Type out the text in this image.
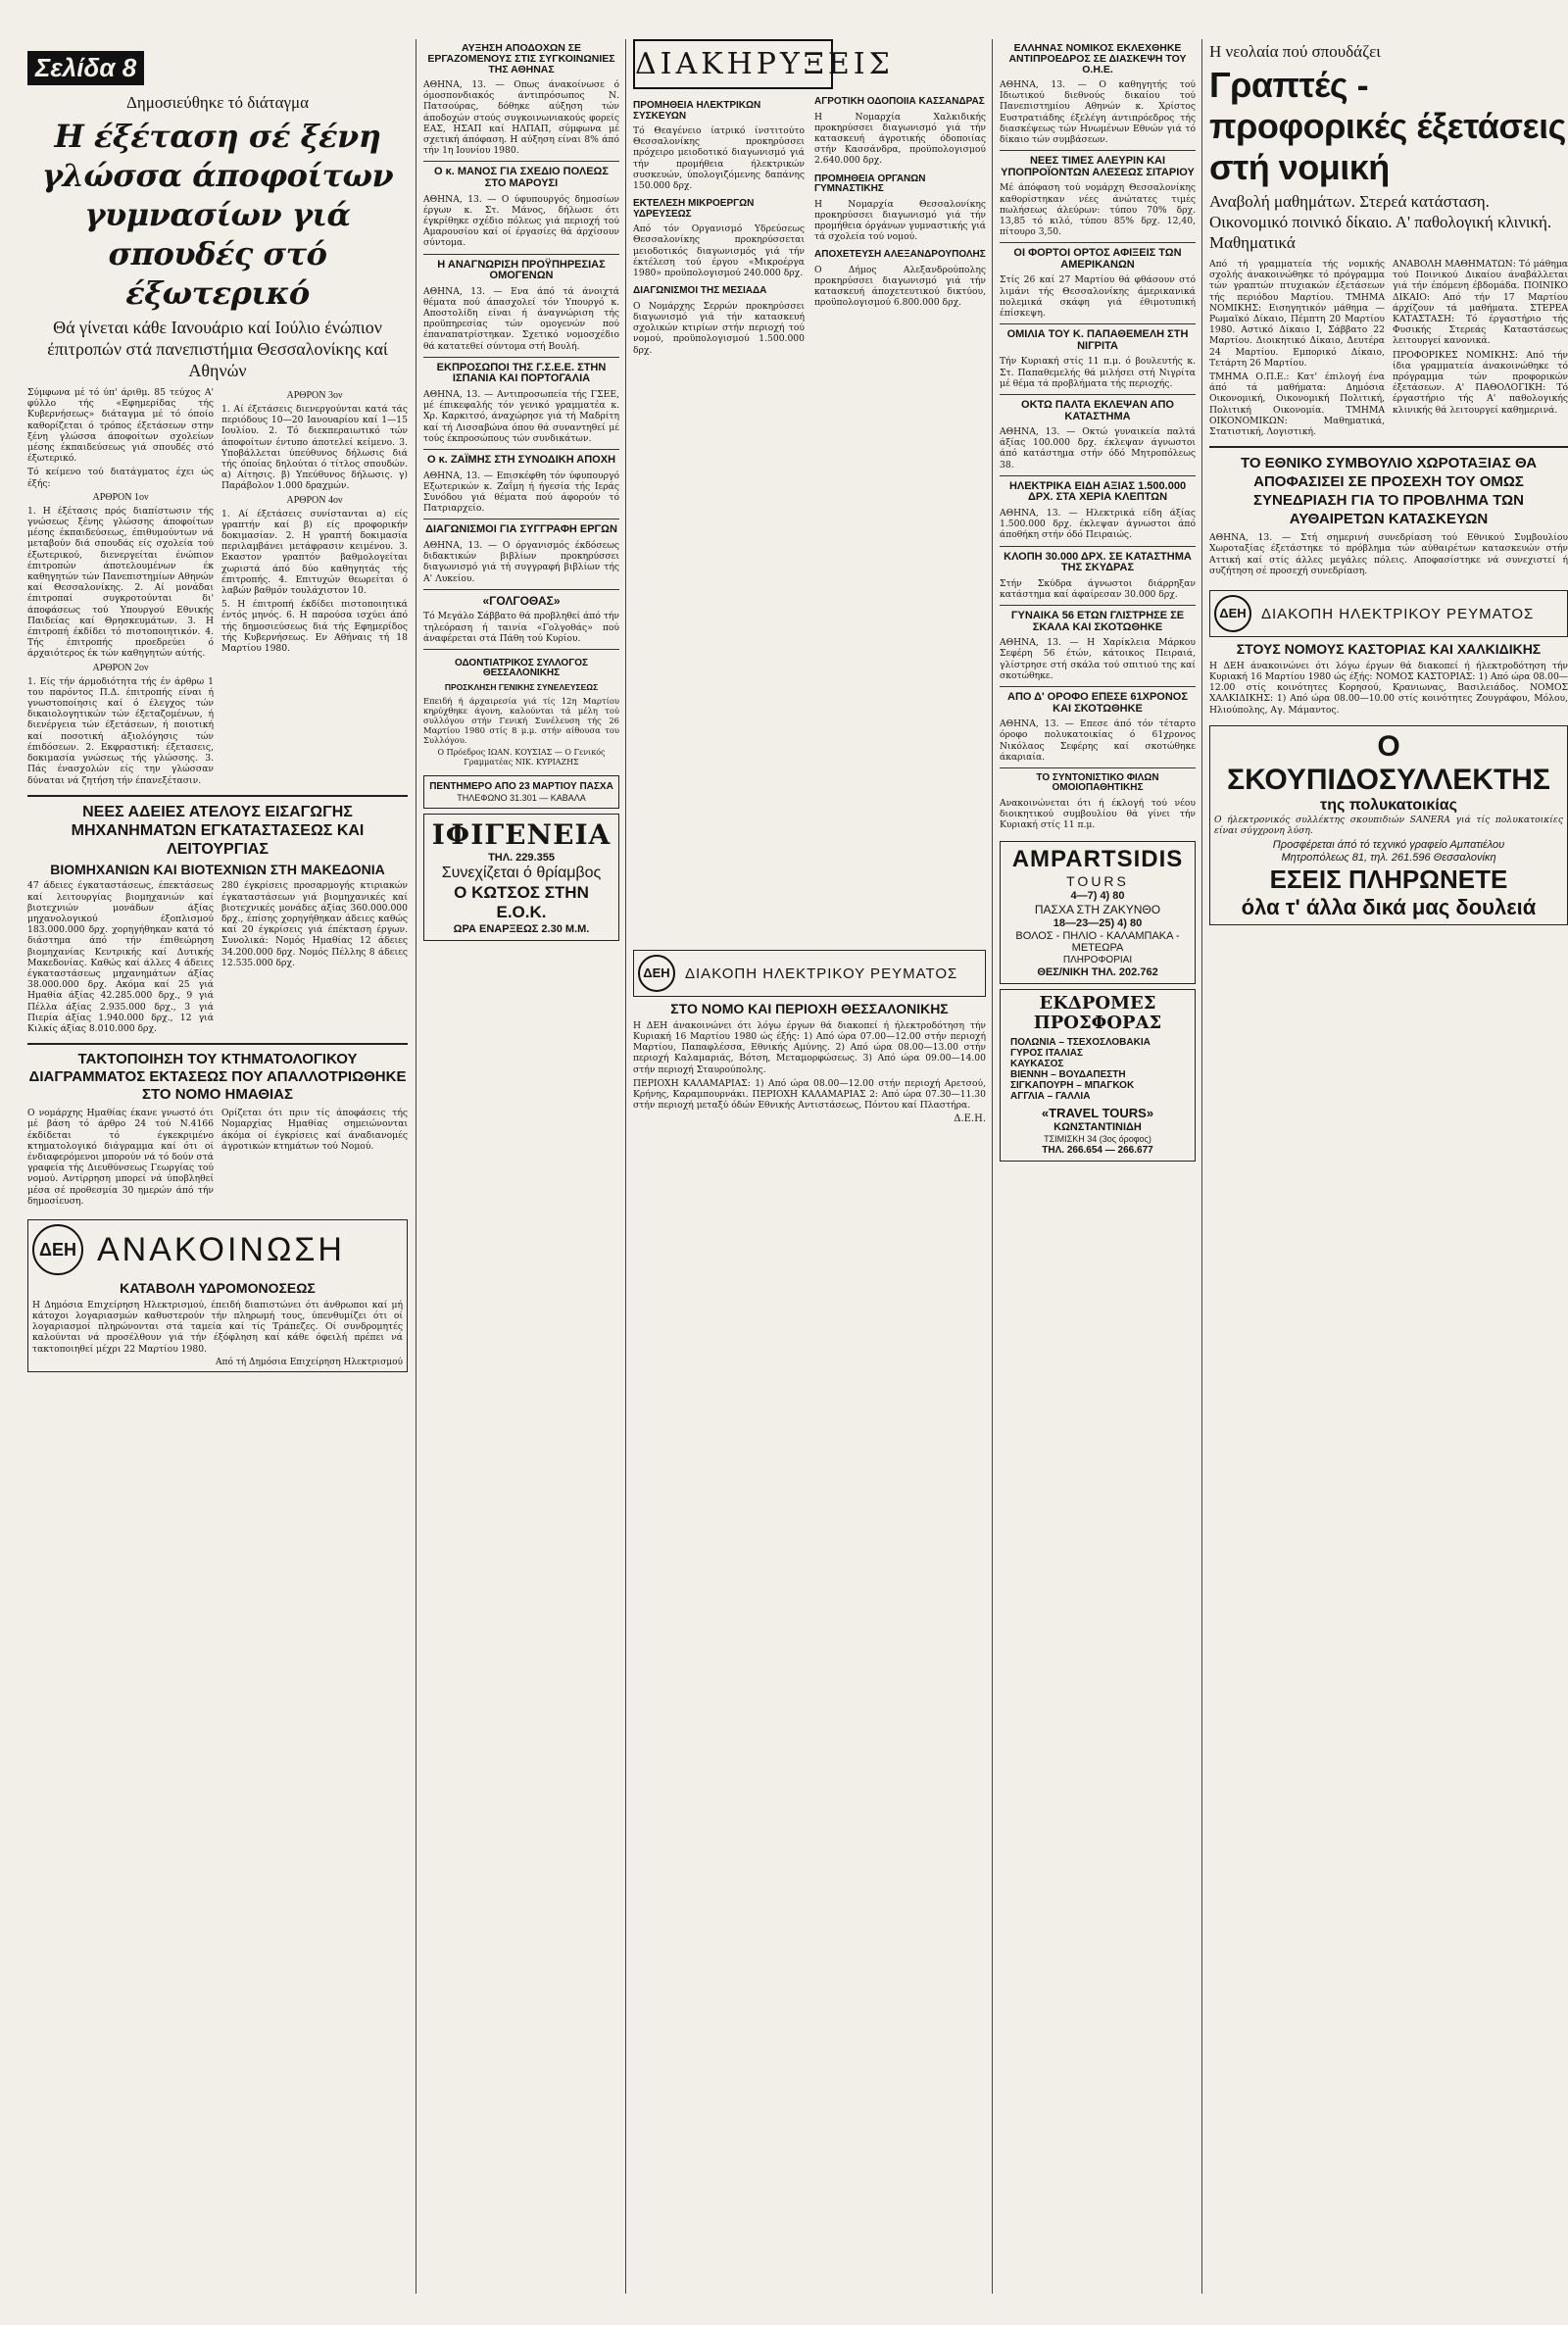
Σελίδα 8
Δημοσιεύθηκε τό διάταγμα
Η έξέταση σέ ξένη γλώσσα άποφοίτων γυμνασίων γιά σπουδές στό έξωτερικό
Θά γίνεται κάθε Ιανουάριο καί Ιούλιο ένώπιον έπιτροπών στά πανεπιστήμια Θεσσαλονίκης καί Αθηνών

Σύμφωνα μέ τό ύπ' άριθμ. 85 τεύχος Α' φύλλο τής «Εφημερίδας τής Κυβερνήσεως» διάταγμα μέ τό όποίο καθορίζεται ό τρόπος έξετάσεων στην ξένη γλώσσα άποφοίτων σχολείων μέσης έκπαιδεύσεως γιά σπουδές στό έξωτερικό.

Τό κείμενο τού διατάγματος έχει ώς έξής:

ΑΡΘΡΟΝ 1ον

1. Η έξέτασις πρός διαπίστωσιν τής γνώσεως ξένης γλώσσης άποφοίτων μέσης έκπαιδεύσεως, έπιθυμούντων νά μεταβούν διά σπουδάς είς σχολεία τού έξωτερικού, διενεργείται ένώπιον έπιτροπών άποτελουμένων έκ καθηγητών τών Πανεπιστημίων Αθηνών καί Θεσσαλονίκης. 2. Αί μονάδαι έπιτροπαί συγκροτούνται δι' άποφάσεως τού Υπουργού Εθνικής Παιδείας καί Θρησκευμάτων. 3. Η έπιτροπή έκδίδει τό πιστοποιητικόν. 4. Τής έπιτροπής προεδρεύει ό άρχαιότερος έκ τών καθηγητών αύτής.

ΑΡΘΡΟΝ 2ον

1. Είς τήν άρμοδιότητα τής έν άρθρω 1 του παρόντος Π.Δ. έπιτροπής είναι ή γνωστοποίησις καί ό έλεγχος τών δικαιολογητικών τών έξεταζομένων, ή διενέργεια τών έξετάσεων, ή ποιοτική καί ποσοτική άξιολόγησις τών έπιδόσεων. 2. Εκφραστική: έξετασεις, δοκιμασία γνώσεως τής γλώσσης. 3. Πάς ένασχολών είς την γλώσσαν δύναται νά ζητήση τήν έπανεξέτασιν.

ΑΡΘΡΟΝ 3ον

1. Αί έξετάσεις διενεργούνται κατά τάς περιόδους 10—20 Ιανουαρίου καί 1—15 Ιουλίου. 2. Τό διεκπεραιωτικό τών άποφοίτων έντυπο άποτελεί κείμενο. 3. Υποβάλλεται ύπεύθυνος δήλωσις διά τής όποίας δηλούται ό τίτλος σπουδών. α) Αίτησις. β) Υπεύθυνος δήλωσις. γ) Παράβολον 1.000 δραχμών.

ΑΡΘΡΟΝ 4ον

1. Αί έξετάσεις συνίστανται α) είς γραπτήν καί β) είς προφορικήν δοκιμασίαν. 2. Η γραπτή δοκιμασία περιλαμβάνει μετάφρασιν κειμένου. 3. Εκαστον γραπτόν βαθμολογείται χωριστά άπό δύο καθηγητάς τής έπιτροπής. 4. Επιτυχών θεωρείται ό λαβών βαθμόν τουλάχιστον 10.

5. Η έπιτροπή έκδίδει πιστοποιητικά έντός μηνός. 6. Η παρούσα ισχύει άπό τής δημοσιεύσεως διά τής Εφημερίδος τής Κυβερνήσεως. Εν Αθήναις τή 18 Μαρτίου 1980.

ΝΕΕΣ ΑΔΕΙΕΣ ΑΤΕΛΟΥΣ ΕΙΣΑΓΩΓΗΣ ΜΗΧΑΝΗΜΑΤΩΝ ΕΓΚΑΤΑΣΤΑΣΕΩΣ ΚΑΙ ΛΕΙΤΟΥΡΓΙΑΣ
ΒΙΟΜΗΧΑΝΙΩΝ ΚΑΙ ΒΙΟΤΕΧΝΙΩΝ ΣΤΗ ΜΑΚΕΔΟΝΙΑ

47 άδειες έγκαταστάσεως, έπεκτάσεως καί λειτουργίας βιομηχανιών καί βιοτεχνιών μονάδων άξίας μηχανολογικού έξοπλισμού 183.000.000 δρχ. χορηγήθηκαν κατά τό διάστημα άπό τήν έπιθεώρηση βιομηχανίας Κεντρικής καί Δυτικής Μακεδονίας. Καθώς καί άλλες 4 άδειες έγκαταστάσεως μηχανημάτων άξίας 38.000.000 δρχ. Ακόμα καί 25 γιά Ημαθία άξίας 42.285.000 δρχ., 9 γιά Πέλλα άξίας 2.935.000 δρχ., 3 γιά Πιερία άξίας 1.940.000 δρχ., 12 γιά Κιλκίς άξίας 8.010.000 δρχ.

280 έγκρίσεις προσαρμογής κτιριακών έγκαταστάσεων γιά βιομηχανικές καί βιοτεχνικές μονάδες άξίας 360.000.000 δρχ., έπίσης χορηγήθηκαν άδειες καθώς καί 20 έγκρίσεις γιά έπέκταση έργων. Συνολικά: Νομός Ημαθίας 12 άδειες 34.200.000 δρχ. Νομός Πέλλης 8 άδειες 12.535.000 δρχ.

ΤΑΚΤΟΠΟΙΗΣΗ ΤΟΥ ΚΤΗΜΑΤΟΛΟΓΙΚΟΥ ΔΙΑΓΡΑΜΜΑΤΟΣ ΕΚΤΑΣΕΩΣ ΠΟΥ ΑΠΑΛΛΟΤΡΙΩΘΗΚΕ ΣΤΟ ΝΟΜΟ ΗΜΑΘΙΑΣ

Ο νομάρχης Ημαθίας έκανε γνωστό ότι μέ βάση τό άρθρο 24 τού Ν.4166 έκδίδεται τό έγκεκριμένο κτηματολογικό διάγραμμα καί ότι οί ένδιαφερόμενοι μπορούν νά τό δούν στά γραφεία τής Διευθύνσεως Γεωργίας τού νομού. Αντίρρηση μπορεί νά ύποβληθεί μέσα σέ προθεσμία 30 ημερών άπό τήν δημοσίευση.

Ορίζεται ότι πριν τίς άποφάσεις τής Νομαρχίας Ημαθίας σημειώνονται άκόμα οί έγκρίσεις καί άναδιανομές άγροτικών κτημάτων τού Νομού.

ΔΕΗ ΑΝΑΚΟΙΝΩΣΗ
ΚΑΤΑΒΟΛΗ ΥΔΡΟΜΟΝΟΣΕΩΣ

Η Δημόσια Επιχείρηση Ηλεκτρισμού, έπειδή διαπιστώνει ότι άνθρωποι καί μή κάτοχοι λογαριασμών καθυστερούν τήν πληρωμή τους, ύπενθυμίζει ότι οί λογαριασμοί πληρώνονται στά ταμεία καί τίς Τράπεζες. Οί συνδρομητές καλούνται νά προσέλθουν γιά τήν έξόφληση καί κάθε όφειλή πρέπει νά τακτοποιηθεί μέχρι 22 Μαρτίου 1980.

Από τή Δημόσια Επιχείρηση Ηλεκτρισμού
ΑΥΞΗΣΗ ΑΠΟΔΟΧΩΝ ΣΕ ΕΡΓΑΖΟΜΕΝΟΥΣ ΣΤΙΣ ΣΥΓΚΟΙΝΩΝΙΕΣ ΤΗΣ ΑΘΗΝΑΣ

ΑΘΗΝΑ, 13. — Οπως άνακοίνωσε ό όμοσπονδιακός άντιπρόσωπος Ν. Πατσούρας, δόθηκε αύξηση τών άποδοχών στούς συγκοινωνιακούς φορείς ΕΑΣ, ΗΣΑΠ καί ΗΛΠΑΠ, σύμφωνα μέ σχετική άπόφαση. Η αύξηση είναι 8% άπό τήν 1η Ιουνίου 1980.

Ο κ. ΜΑΝΟΣ ΓΙΑ ΣΧΕΔΙΟ ΠΟΛΕΩΣ ΣΤΟ ΜΑΡΟΥΣΙ

ΑΘΗΝΑ, 13. — Ο ύφυπουργός δημοσίων έργων κ. Στ. Μάνος, δήλωσε ότι έγκρίθηκε σχέδιο πόλεως γιά περιοχή τού Αμαρουσίου καί οί έργασίες θά άρχίσουν σύντομα.

Η ΑΝΑΓΝΩΡΙΣΗ ΠΡΟΫΠΗΡΕΣΙΑΣ ΟΜΟΓΕΝΩΝ

ΑΘΗΝΑ, 13. — Ενα άπό τά άνοιχτά θέματα πού άπασχολεί τόν Υπουργό κ. Αποστολίδη είναι ή άναγνώριση τής προϋπηρεσίας τών ομογενών πού έπαναπατρίστηκαν. Σχετικό νομοσχέδιο θά κατατεθεί σύντομα στή Βουλή.

ΕΚΠΡΟΣΩΠΟΙ ΤΗΣ Γ.Σ.Ε.Ε. ΣΤΗΝ ΙΣΠΑΝΙΑ ΚΑΙ ΠΟΡΤΟΓΑΛΙΑ

ΑΘΗΝΑ, 13. — Αντιπροσωπεία τής ΓΣΕΕ, μέ έπικεφαλής τόν γενικό γραμματέα κ. Χρ. Καρκιτσό, άναχώρησε γιά τή Μαδρίτη καί τή Λισσαβώνα όπου θά συναντηθεί μέ τούς έκπροσώπους τών συνδικάτων.

Ο κ. ΖΑΪΜΗΣ ΣΤΗ ΣΥΝΟΔΙΚΗ ΑΠΟΧΗ

ΑΘΗΝΑ, 13. — Επισκέφθη τόν ύφυπουργό Εξωτερικών κ. Ζαΐμη ή ήγεσία τής Ιεράς Συνόδου γιά θέματα πού άφορούν τό Πατριαρχείο.

ΔΙΑΓΩΝΙΣΜΟΙ ΓΙΑ ΣΥΓΓΡΑΦΗ ΕΡΓΩΝ

ΑΘΗΝΑ, 13. — Ο όργανισμός έκδόσεως διδακτικών βιβλίων προκηρύσσει διαγωνισμό γιά τή συγγραφή βιβλίων τής Α' Λυκείου.

«ΓΟΛΓΟΘΑΣ»

Τό Μεγάλο Σάββατο θά προβληθεί άπό τήν τηλεόραση ή ταινία «Γολγοθάς» πού άναφέρεται στά Πάθη τού Κυρίου.

ΟΔΟΝΤΙΑΤΡΙΚΟΣ ΣΥΛΛΟΓΟΣ ΘΕΣΣΑΛΟΝΙΚΗΣ
ΠΡΟΣΚΛΗΣΗ ΓΕΝΙΚΗΣ ΣΥΝΕΛΕΥΣΕΩΣ

Επειδή ή άρχαιρεσία γιά τίς 12η Μαρτίου κηρύχθηκε άγονη, καλούνται τά μέλη τού συλλόγου στήν Γενική Συνέλευση τής 26 Μαρτίου 1980 στίς 8 μ.μ. στήν αίθουσα του Συλλόγου.

Ο Πρόεδρος ΙΩΑΝ. ΚΟΥΣΙΑΣ — Ο Γενικός Γραμματέας ΝΙΚ. ΚΥΡΙΑΖΗΣ

ΠΕΝΤΗΜΕΡΟ ΑΠΟ 23 ΜΑΡΤΙΟΥ ΠΑΣΧΑ
ΤΗΛΕΦΩΝΟ 31.301 — ΚΑΒΑΛΑ
ΙΦΙΓΕΝΕΙΑ
ΤΗΛ. 229.355
Συνεχίζεται ό θρίαμβος
Ο ΚΩΤΣΟΣ ΣΤΗΝ Ε.Ο.Κ.
ΩΡΑ ΕΝΑΡΞΕΩΣ 2.30 Μ.Μ.
ΔΙΑΚΗΡΥΞΕΙΣ
ΠΡΟΜΗΘΕΙΑ ΗΛΕΚΤΡΙΚΩΝ ΣΥΣΚΕΥΩΝ

Τό Θεαγένειο ίατρικό ίνστιτούτο Θεσσαλονίκης προκηρύσσει πρόχειρο μειοδοτικό διαγωνισμό γιά τήν προμήθεια ήλεκτρικών συσκευών, ύπολογιζόμενης δαπάνης 150.000 δρχ.

ΕΚΤΕΛΕΣΗ ΜΙΚΡΟΕΡΓΩΝ ΥΔΡΕΥΣΕΩΣ

Από τόν Οργανισμό Υδρεύσεως Θεσσαλονίκης προκηρύσσεται μειοδοτικός διαγωνισμός γιά τήν έκτέλεση τού έργου «Μικροέργα 1980» προϋπολογισμού 240.000 δρχ.

ΔΙΑΓΩΝΙΣΜΟΙ ΤΗΣ ΜΕΣΙΑΔΑ

Ο Νομάρχης Σερρών προκηρύσσει διαγωνισμό γιά τήν κατασκευή σχολικών κτιρίων στήν περιοχή τού νομού, προϋπολογισμού 1.500.000 δρχ.

ΑΓΡΟΤΙΚΗ ΟΔΟΠΟΙΙΑ ΚΑΣΣΑΝΔΡΑΣ

Η Νομαρχία Χαλκιδικής προκηρύσσει διαγωνισμό γιά τήν κατασκευή άγροτικής όδοποιίας στήν Κασσάνδρα, προϋπολογισμού 2.640.000 δρχ.

ΠΡΟΜΗΘΕΙΑ ΟΡΓΑΝΩΝ ΓΥΜΝΑΣΤΙΚΗΣ

Η Νομαρχία Θεσσαλονίκης προκηρύσσει διαγωνισμό γιά τήν προμήθεια όργάνων γυμναστικής γιά τά σχολεία τού νομού.

ΑΠΟΧΕΤΕΥΣΗ ΑΛΕΞΑΝΔΡΟΥΠΟΛΗΣ

Ο Δήμος Αλεξανδρούπολης προκηρύσσει διαγωνισμό γιά τήν κατασκευή άποχετευτικού δικτύου, προϋπολογισμού 6.800.000 δρχ.

ΔΕΗ	ΔΙΑΚΟΠΗ ΗΛΕΚΤΡΙΚΟΥ ΡΕΥΜΑΤΟΣ
ΣΤΟ ΝΟΜΟ ΚΑΙ ΠΕΡΙΟΧΗ ΘΕΣΣΑΛΟΝΙΚΗΣ

Η ΔΕΗ άνακοινώνει ότι λόγω έργων θά διακοπεί ή ήλεκτροδότηση τήν Κυριακή 16 Μαρτίου 1980 ώς έξής: 1) Από ώρα 07.00—12.00 στήν περιοχή Μαρτίου, Παπαφλέσσα, Εθνικής Αμύνης. 2) Από ώρα 08.00—13.00 στήν περιοχή Καλαμαριάς, Βότση, Μεταμορφώσεως. 3) Από ώρα 09.00—14.00 στήν περιοχή Σταυρούπολης.

ΠΕΡΙΟΧΗ ΚΑΛΑΜΑΡΙΑΣ: 1) Από ώρα 08.00—12.00 στήν περιοχή Αρετσού, Κρήνης, Καραμπουρνάκι. ΠΕΡΙΟΧΗ ΚΑΛΑΜΑΡΙΑΣ 2: Από ώρα 07.30—11.30 στήν περιοχή μεταξύ όδών Εθνικής Αντιστάσεως, Πόντου καί Πλαστήρα.

Δ.Ε.Η.
ΕΛΛΗΝΑΣ ΝΟΜΙΚΟΣ ΕΚΛΕΧΘΗΚΕ ΑΝΤΙΠΡΟΕΔΡΟΣ ΣΕ ΔΙΑΣΚΕΨΗ ΤΟΥ Ο.Η.Ε.

ΑΘΗΝΑ, 13. — Ο καθηγητής τού Ιδιωτικού διεθνούς δικαίου τού Πανεπιστημίου Αθηνών κ. Χρίστος Ευστρατιάδης έξελέγη άντιπρόεδρος τής διασκέψεως τών Ηνωμένων Εθνών γιά τό δίκαιο τών συμβάσεων.

ΝΕΕΣ ΤΙΜΕΣ ΑΛΕΥΡΙΝ ΚΑΙ ΥΠΟΠΡΟΪΟΝΤΩΝ ΑΛΕΣΕΩΣ ΣΙΤΑΡΙΟΥ

Μέ άπόφαση τού νομάρχη Θεσσαλονίκης καθορίστηκαν νέες άνώτατες τιμές πωλήσεως άλεύρων: τύπου 70% δρχ. 13,85 τό κιλό, τύπου 85% δρχ. 12,40, πίτουρο 3,50.

ΟΙ ΦΟΡΤΟΙ ΟΡΤΟΣ ΑΦΙΞΕΙΣ ΤΩΝ ΑΜΕΡΙΚΑΝΩΝ

Στίς 26 καί 27 Μαρτίου θά φθάσουν στό λιμάνι τής Θεσσαλονίκης άμερικανικά πολεμικά σκάφη γιά έθιμοτυπική έπίσκεψη.

ΟΜΙΛΙΑ ΤΟΥ Κ. ΠΑΠΑΘΕΜΕΛΗ ΣΤΗ ΝΙΓΡΙΤΑ

Τήν Κυριακή στίς 11 π.μ. ό βουλευτής κ. Στ. Παπαθεμελής θά μιλήσει στή Νιγρίτα μέ θέμα τά προβλήματα τής περιοχής.

ΟΚΤΩ ΠΑΛΤΑ ΕΚΛΕΨΑΝ ΑΠΟ ΚΑΤΑΣΤΗΜΑ

ΑΘΗΝΑ, 13. — Οκτώ γυναικεία παλτά άξίας 100.000 δρχ. έκλεψαν άγνωστοι άπό κατάστημα στήν όδό Μητροπόλεως 38.

ΗΛΕΚΤΡΙΚΑ ΕΙΔΗ ΑΞΙΑΣ 1.500.000 ΔΡΧ. ΣΤΑ ΧΕΡΙΑ ΚΛΕΠΤΩΝ

ΑΘΗΝΑ, 13. — Ηλεκτρικά είδη άξίας 1.500.000 δρχ. έκλεψαν άγνωστοι άπό άποθήκη στήν όδό Πειραιώς.

ΚΛΟΠΗ 30.000 ΔΡΧ. ΣΕ ΚΑΤΑΣΤΗΜΑ ΤΗΣ ΣΚΥΔΡΑΣ

Στήν Σκύδρα άγνωστοι διάρρηξαν κατάστημα καί άφαίρεσαν 30.000 δρχ.

ΓΥΝΑΙΚΑ 56 ΕΤΩΝ ΓΛΙΣΤΡΗΣΕ ΣΕ ΣΚΑΛΑ ΚΑΙ ΣΚΟΤΩΘΗΚΕ

ΑΘΗΝΑ, 13. — Η Χαρίκλεια Μάρκου Σεφέρη 56 έτών, κάτοικος Πειραιά, γλίστρησε στή σκάλα τού σπιτιού της καί σκοτώθηκε.

ΑΠΟ Δ' ΟΡΟΦΟ ΕΠΕΣΕ 61ΧΡΟΝΟΣ ΚΑΙ ΣΚΟΤΩΘΗΚΕ

ΑΘΗΝΑ, 13. — Επεσε άπό τόν τέταρτο όροφο πολυκατοικίας ό 61χρονος Νικόλαος Σεφέρης καί σκοτώθηκε άκαριαία.

ΤΟ ΣΥΝΤΟΝΙΣΤΙΚΟ ΦΙΛΩΝ ΟΜΟΙΟΠΑΘΗΤΙΚΗΣ

Ανακοινώνεται ότι ή έκλογή τού νέου διοικητικού συμβουλίου θά γίνει τήν Κυριακή στίς 11 π.μ.

AMPARTSIDIS
TOURS
4—7) 4) 80
ΠΑΣΧΑ ΣΤΗ ΖΑΚΥΝΘΟ
18—23—25) 4) 80
ΒΟΛΟΣ - ΠΗΛΙΟ - ΚΑΛΑΜΠΑΚΑ - ΜΕΤΕΩΡΑ
ΠΛΗΡΟΦΟΡΙΑΙ
ΘΕΣ/ΝΙΚΗ ΤΗΛ. 202.762
ΕΚΔΡΟΜΕΣ ΠΡΟΣΦΟΡΑΣ
ΠΟΛΩΝΙΑ – ΤΣΕΧΟΣΛΟΒΑΚΙΑ
ΓΥΡΟΣ ΙΤΑΛΙΑΣ
ΚΑΥΚΑΣΟΣ
ΒΙΕΝΝΗ – ΒΟΥΔΑΠΕΣΤΗ
ΣΙΓΚΑΠΟΥΡΗ – ΜΠΑΓΚΟΚ
ΑΓΓΛΙΑ – ΓΑΛΛΙΑ
«TRAVEL TOURS»
ΚΩΝΣΤΑΝΤΙΝΙΔΗ
ΤΣΙΜΙΣΚΗ 34 (3ος όροφος)
ΤΗΛ. 266.654 — 266.677
Η νεολαία πού σπουδάζει
Γραπτές - προφορικές έξετάσεις στή νομική
Αναβολή μαθημάτων. Στερεά κατάσταση. Οικονομικό ποινικό δίκαιο. Α' παθολογική κλινική. Μαθηματικά

Από τή γραμματεία τής νομικής σχολής άνακοινώθηκε τό πρόγραμμα τών γραπτών πτυχιακών έξετάσεων τής περιόδου Μαρτίου. ΤΜΗΜΑ ΝΟΜΙΚΗΣ: Εισηγητικόν μάθημα — Ρωμαϊκό Δίκαιο, Πέμπτη 20 Μαρτίου 1980. Αστικό Δίκαιο Ι, Σάββατο 22 Μαρτίου. Διοικητικό Δίκαιο, Δευτέρα 24 Μαρτίου. Εμπορικό Δίκαιο, Τετάρτη 26 Μαρτίου.

ΤΜΗΜΑ Ο.Π.Ε.: Κατ' έπιλογή ένα άπό τά μαθήματα: Δημόσια Οικονομική, Οικονομική Πολιτική, Πολιτική Οικονομία. ΤΜΗΜΑ ΟΙΚΟΝΟΜΙΚΩΝ: Μαθηματικά, Στατιστική, Λογιστική.

ΑΝΑΒΟΛΗ ΜΑΘΗΜΑΤΩΝ: Τό μάθημα τού Ποινικού Δικαίου άναβάλλεται γιά τήν έπόμενη έβδομάδα. ΠΟΙΝΙΚΟ ΔΙΚΑΙΟ: Από τήν 17 Μαρτίου άρχίζουν τά μαθήματα. ΣΤΕΡΕΑ ΚΑΤΑΣΤΑΣΗ: Τό έργαστήριο τής Φυσικής Στερεάς Καταστάσεως λειτουργεί κανονικά.

ΠΡΟΦΟΡΙΚΕΣ ΝΟΜΙΚΗΣ: Από τήν ίδια γραμματεία άνακοινώθηκε τό πρόγραμμα τών προφορικών έξετάσεων. Α' ΠΑΘΟΛΟΓΙΚΗ: Τό έργαστήριο τής Α' παθολογικής κλινικής θά λειτουργεί καθημερινά.

ΤΟ ΕΘΝΙΚΟ ΣΥΜΒΟΥΛΙΟ ΧΩΡΟΤΑΞΙΑΣ ΘΑ ΑΠΟΦΑΣΙΣΕΙ ΣΕ ΠΡΟΣΕΧΗ ΤΟΥ ΟΜΩΣ ΣΥΝΕΔΡΙΑΣΗ ΓΙΑ ΤΟ ΠΡΟΒΛΗΜΑ ΤΩΝ ΑΥΘΑΙΡΕΤΩΝ ΚΑΤΑΣΚΕΥΩΝ

ΑΘΗΝΑ, 13. — Στή σημερινή συνεδρίαση τού Εθνικού Συμβουλίου Χωροταξίας έξετάστηκε τό πρόβλημα τών αύθαιρέτων κατασκευών στήν Αττική καί στίς άλλες μεγάλες πόλεις. Αποφασίστηκε νά συνεχιστεί ή συζήτηση σέ προσεχή συνεδρίαση.

ΔΕΗ	ΔΙΑΚΟΠΗ ΗΛΕΚΤΡΙΚΟΥ ΡΕΥΜΑΤΟΣ
ΣΤΟΥΣ ΝΟΜΟΥΣ ΚΑΣΤΟΡΙΑΣ ΚΑΙ ΧΑΛΚΙΔΙΚΗΣ

Η ΔΕΗ άνακοινώνει ότι λόγω έργων θά διακοπεί ή ήλεκτροδότηση τήν Κυριακή 16 Μαρτίου 1980 ώς έξής: ΝΟΜΟΣ ΚΑΣΤΟΡΙΑΣ: 1) Από ώρα 08.00—12.00 στίς κοινότητες Κορησού, Κρανιωνας, Βασιλειάδος. ΝΟΜΟΣ ΧΑΛΚΙΔΙΚΗΣ: 1) Από ώρα 08.00—10.00 στίς κοινότητες Ζουγράφου, Μόλου, Ηλιούπολης, Αγ. Μάμαντος.

Ο ΣΚΟΥΠΙΔΟΣΥΛΛΕΚΤΗΣ
της πολυκατοικίας

Ο ήλεκτρονικός συλλέκτης σκουπιδιών SANERA γιά τίς πολυκατοικίες είναι σύγχρονη λύση.

Προσφέρεται άπό τό τεχνικό γραφείο Αμπατιέλου
Μητροπόλεως 81, τηλ. 261.596 Θεσσαλονίκη
ΕΣΕΙΣ ΠΛΗΡΩΝΕΤΕ
όλα τ' άλλα δικά μας δουλειά
